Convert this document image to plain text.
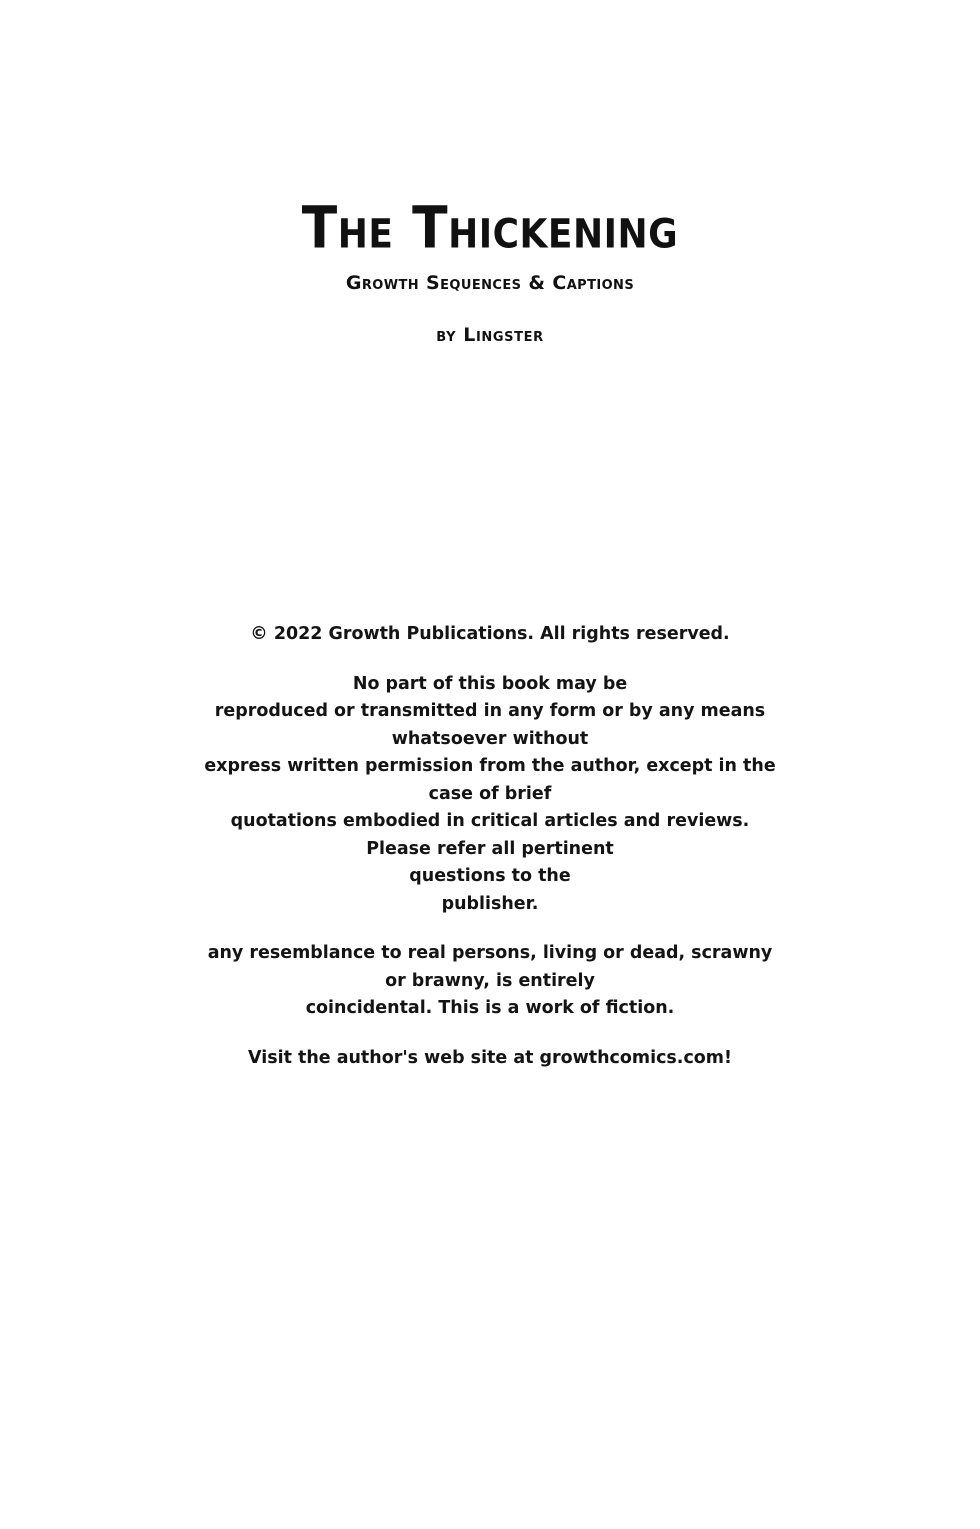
The Thickening
Growth Sequences & Captions
by Lingster

© 2022 Growth Publications. All rights reserved.

No part of this book may be

reproduced or transmitted in any form or by any means whatsoever without

express written permission from the author, except in the case of brief

quotations embodied in critical articles and reviews. Please refer all pertinent

questions to the

publisher.

any resemblance to real persons, living or dead, scrawny or brawny, is entirely

coincidental. This is a work of fiction.

Visit the author's web site at growthcomics.com!
